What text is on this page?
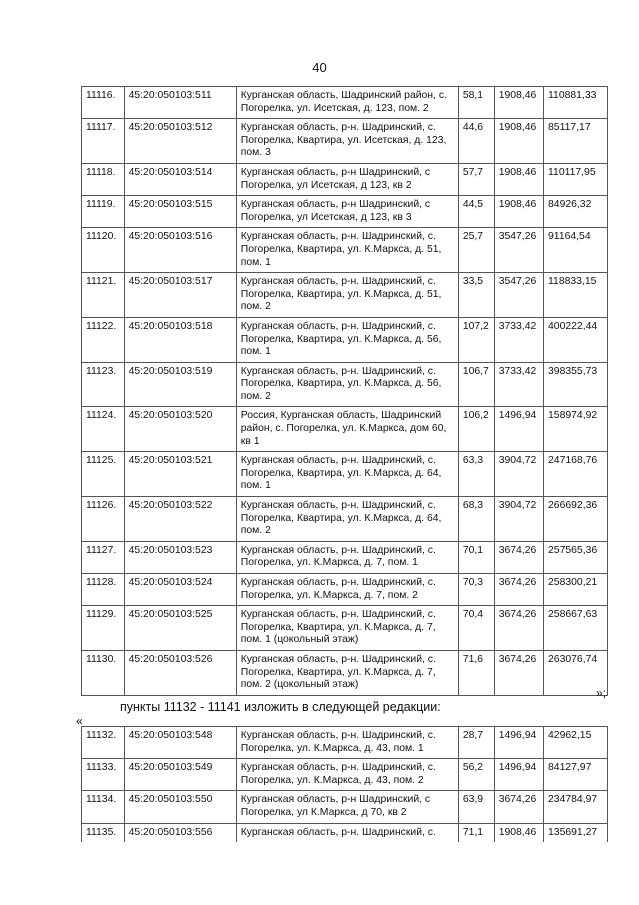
40
11116.	45:20:050103:511	Курганская область, Шадринский район, с. Погорелка, ул. Исетская, д. 123, пом. 2	58,1	1908,46	110881,33
11117.	45:20:050103:512	Курганская область, р-н. Шадринский, с. Погорелка, Квартира, ул. Исетская, д. 123, пом. 3	44,6	1908,46	85117,17
11118.	45:20:050103:514	Курганская область, р-н Шадринский, с Погорелка, ул Исетская, д 123, кв 2	57,7	1908,46	110117,95
11119.	45:20:050103:515	Курганская область, р-н Шадринский, с Погорелка, ул Исетская, д 123, кв 3	44,5	1908,46	84926,32
11120.	45:20:050103:516	Курганская область, р-н. Шадринский, с. Погорелка, Квартира, ул. К.Маркса, д. 51, пом. 1	25,7	3547,26	91164,54
11121.	45:20:050103:517	Курганская область, р-н. Шадринский, с. Погорелка, Квартира, ул. К.Маркса, д. 51, пом. 2	33,5	3547,26	118833,15
11122.	45:20:050103:518	Курганская область, р-н. Шадринский, с. Погорелка, Квартира, ул. К.Маркса, д. 56, пом. 1	107,2	3733,42	400222,44
11123.	45:20:050103:519	Курганская область, р-н. Шадринский, с. Погорелка, Квартира, ул. К.Маркса, д. 56, пом. 2	106,7	3733,42	398355,73
11124.	45:20:050103:520	Россия, Курганская область, Шадринский район, с. Погорелка, ул. К.Маркса, дом 60, кв 1	106,2	1496,94	158974,92
11125.	45:20:050103:521	Курганская область, р-н. Шадринский, с. Погорелка, Квартира, ул. К.Маркса, д. 64, пом. 1	63,3	3904,72	247168,76
11126.	45:20:050103:522	Курганская область, р-н. Шадринский, с. Погорелка, Квартира, ул. К.Маркса, д. 64, пом. 2	68,3	3904,72	266692,36
11127.	45:20:050103:523	Курганская область, р-н. Шадринский, с. Погорелка, ул. К.Маркса, д. 7, пом. 1	70,1	3674,26	257565,36
11128.	45:20:050103:524	Курганская область, р-н. Шадринский, с. Погорелка, ул. К.Маркса, д. 7, пом. 2	70,3	3674,26	258300,21
11129.	45:20:050103:525	Курганская область, р-н. Шадринский, с. Погорелка, Квартира, ул. К.Маркса, д. 7, пом. 1 (цокольный этаж)	70,4	3674,26	258667,63
11130.	45:20:050103:526	Курганская область, р-н. Шадринский, с. Погорелка, Квартира, ул. К.Маркса, д. 7, пом. 2 (цокольный этаж)	71,6	3674,26	263076,74
»;
пункты 11132 - 11141 изложить в следующей редакции:
«
11132.	45:20:050103:548	Курганская область, р-н. Шадринский, с. Погорелка, ул. К.Маркса, д. 43, пом. 1	28,7	1496,94	42962,15
11133.	45:20:050103:549	Курганская область, р-н. Шадринский, с. Погорелка, ул. К.Маркса, д. 43, пом. 2	56,2	1496,94	84127,97
11134.	45:20:050103:550	Курганская область, р-н Шадринский, с Погорелка, ул К.Маркса, д 70, кв 2	63,9	3674,26	234784,97
11135.	45:20:050103:556	Курганская область, р-н. Шадринский, с.	71,1	1908,46	135691,27
